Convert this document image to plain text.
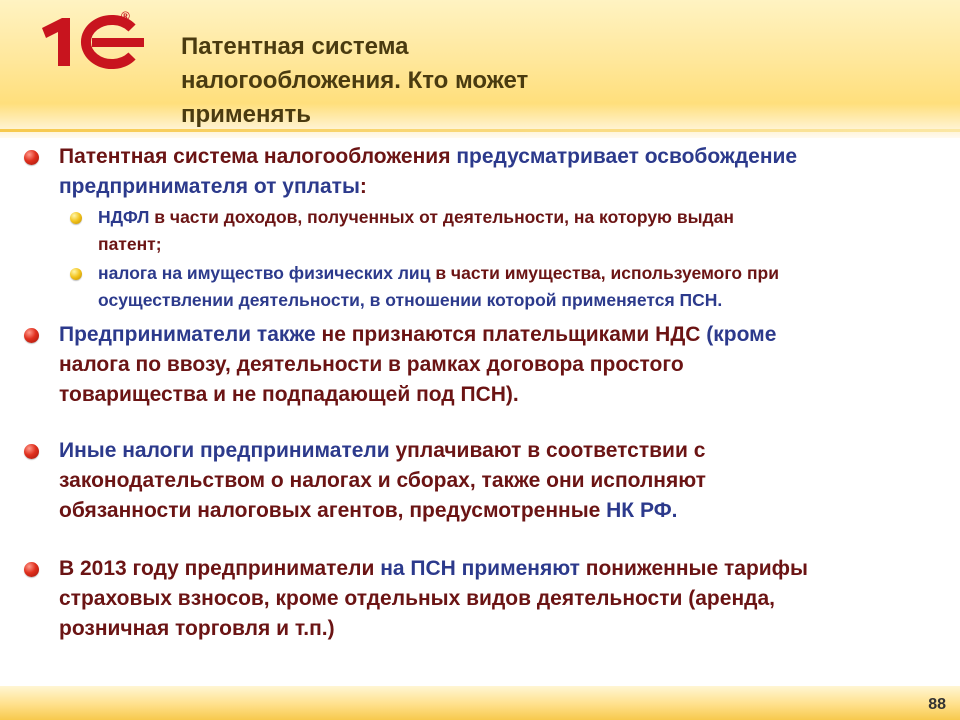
®
Патентная система
налогообложения. Кто может
применять
Патентная система налогообложения предусматривает освобождение
предпринимателя от уплаты:
НДФЛ в части доходов, полученных от деятельности, на которую выдан
патент;
налога на имущество физических лиц в части имущества, используемого при
осуществлении деятельности, в отношении которой применяется ПСН.
Предприниматели также не признаются плательщиками НДС (кроме
налога по ввозу, деятельности в рамках договора простого
товарищества и не подпадающей под ПСН).
Иные налоги предприниматели уплачивают в соответствии с
законодательством о налогах и сборах, также они исполняют
обязанности налоговых агентов, предусмотренные НК РФ.
В 2013 году предприниматели на ПСН применяют пониженные тарифы
страховых взносов, кроме отдельных видов деятельности (аренда,
розничная торговля и т.п.)
88
